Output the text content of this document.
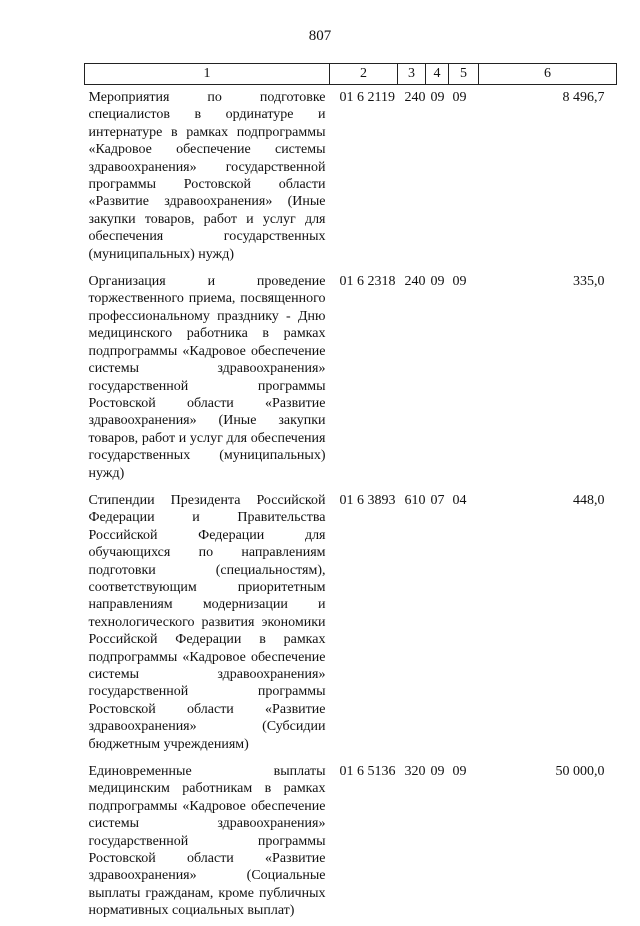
807
1	2	3	4	5	6
Мероприятия по подготовке специалистов в ординатуре и интернатуре в рамках подпрограммы «Кадровое обеспечение системы здравоохранения» государственной программы Ростовской области «Развитие здравоохранения» (Иные закупки товаров, работ и услуг для обеспечения государственных (муниципальных) нужд)	01 6 2119	240	09	09	8 496,7
Организация и проведение торжественного приема, посвященного профессиональному празднику - Дню медицинского работника в рамках подпрограммы «Кадровое обеспечение системы здравоохранения» государственной программы Ростовской области «Развитие здравоохранения» (Иные закупки товаров, работ и услуг для обеспечения государственных (муниципальных) нужд)	01 6 2318	240	09	09	335,0
Стипендии Президента Российской Федерации и Правительства Российской Федерации для обучающихся по направлениям подготовки (специальностям), соответствующим приоритетным направлениям модернизации и технологического развития экономики Российской Федерации в рамках подпрограммы «Кадровое обеспечение системы здравоохранения» государственной программы Ростовской области «Развитие здравоохранения» (Субсидии бюджетным учреждениям)	01 6 3893	610	07	04	448,0
Единовременные выплаты медицинским работникам в рамках подпрограммы «Кадровое обеспечение системы здравоохранения» государственной программы Ростовской области «Развитие здравоохранения» (Социальные выплаты гражданам, кроме публичных нормативных социальных выплат)	01 6 5136	320	09	09	50 000,0
